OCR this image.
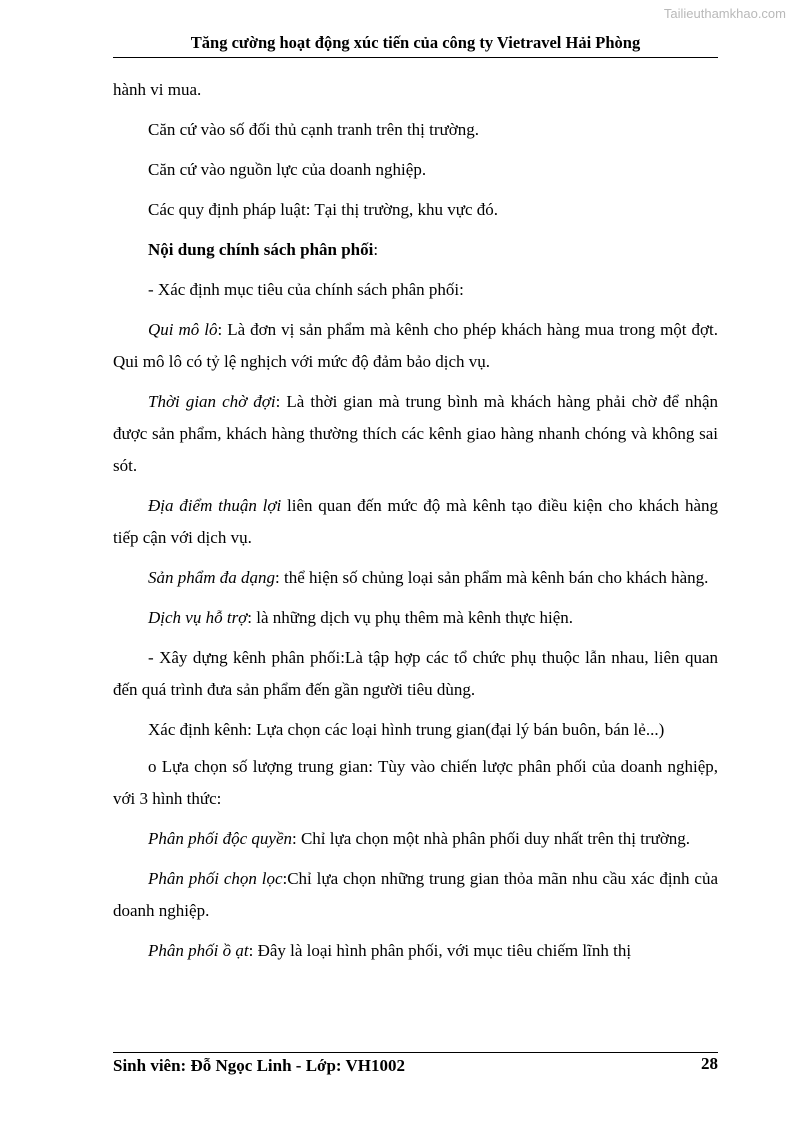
Tailieuthamkhao.com
Tăng cường hoạt động xúc tiến của công ty Vietravel Hải Phòng

hành vi mua.

Căn cứ vào số đối thủ cạnh tranh trên thị trường.

Căn cứ vào nguồn lực của doanh nghiệp.

Các quy định pháp luật: Tại thị trường, khu vực đó.

Nội dung chính sách phân phối:

- Xác định mục tiêu của chính sách phân phối:

Qui mô lô: Là đơn vị sản phẩm mà kênh cho phép khách hàng mua trong một đợt. Qui mô lô có tỷ lệ nghịch với mức độ đảm bảo dịch vụ.

Thời gian chờ đợi: Là thời gian mà trung bình mà khách hàng phải chờ để nhận được sản phẩm, khách hàng thường thích các kênh giao hàng nhanh chóng và không sai sót.

Địa điểm thuận lợi liên quan đến mức độ mà kênh tạo điều kiện cho khách hàng tiếp cận với dịch vụ.

Sản phẩm đa dạng: thể hiện số chủng loại sản phẩm mà kênh bán cho khách hàng.

Dịch vụ hỗ trợ: là những dịch vụ phụ thêm mà kênh thực hiện.

- Xây dựng kênh phân phối:Là tập hợp các tổ chức phụ thuộc lẫn nhau, liên quan đến quá trình đưa sản phẩm đến gần người tiêu dùng.

Xác định kênh: Lựa chọn các loại hình trung gian(đại lý bán buôn, bán lẻ...)

o Lựa chọn số lượng trung gian: Tùy vào chiến lược phân phối của doanh nghiệp, với 3 hình thức:

Phân phối độc quyền: Chỉ lựa chọn một nhà phân phối duy nhất trên thị trường.

Phân phối chọn lọc:Chỉ lựa chọn những trung gian thỏa mãn nhu cầu xác định của doanh nghiệp.

Phân phối ồ ạt: Đây là loại hình phân phối, với mục tiêu chiếm lĩnh thị

Sinh viên: Đỗ Ngọc Linh - Lớp: VH1002	28
